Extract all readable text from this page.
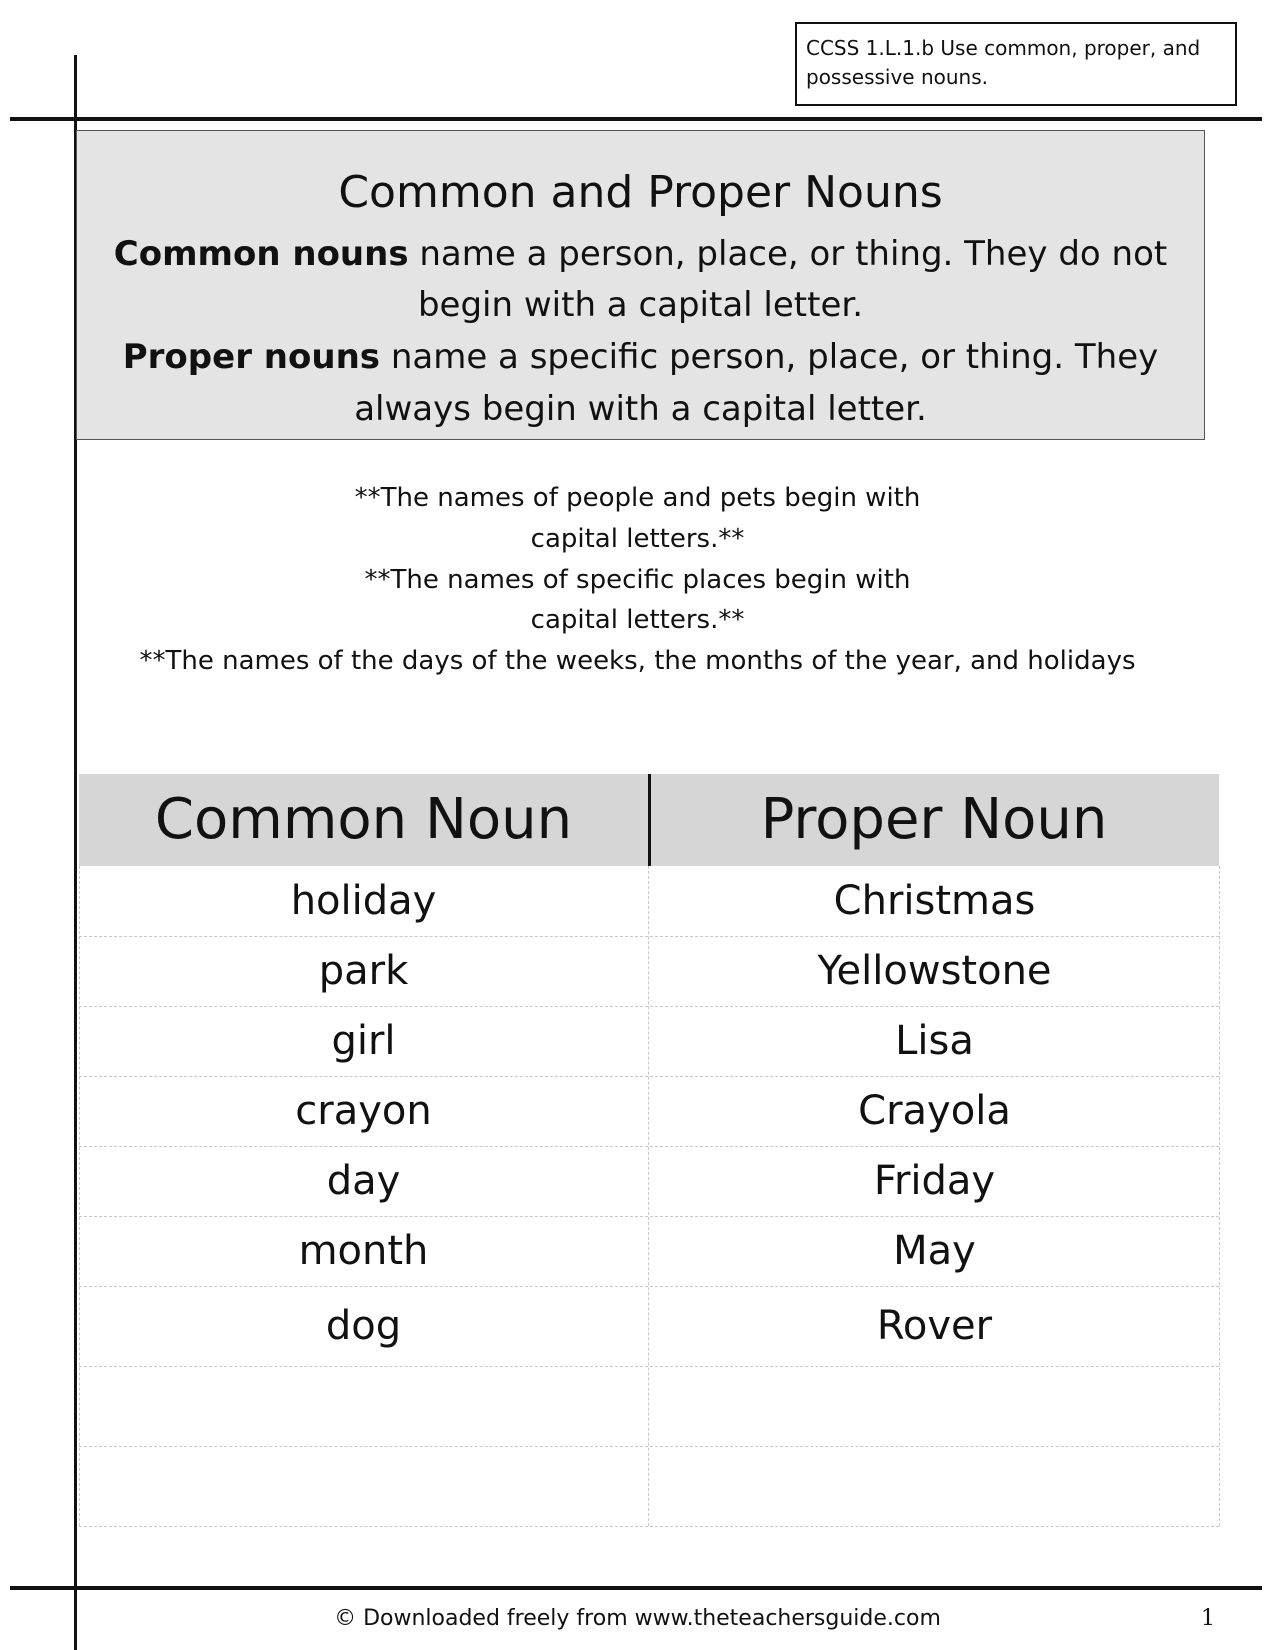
CCSS 1.L.1.b Use common, proper, and
possessive nouns.
Common and Proper Nouns
Common nouns name a person, place, or thing. They do not
begin with a capital letter.
Proper nouns name a specific person, place, or thing. They
always begin with a capital letter.
**The names of people and pets begin with
capital letters.**
**The names of specific places begin with
capital letters.**
**The names of the days of the weeks, the months of the year, and holidays
Common Noun	Proper Noun
holiday	Christmas
park	Yellowstone
girl	Lisa
crayon	Crayola
day	Friday
month	May
dog	Rover
© Downloaded freely from www.theteachersguide.com	1
